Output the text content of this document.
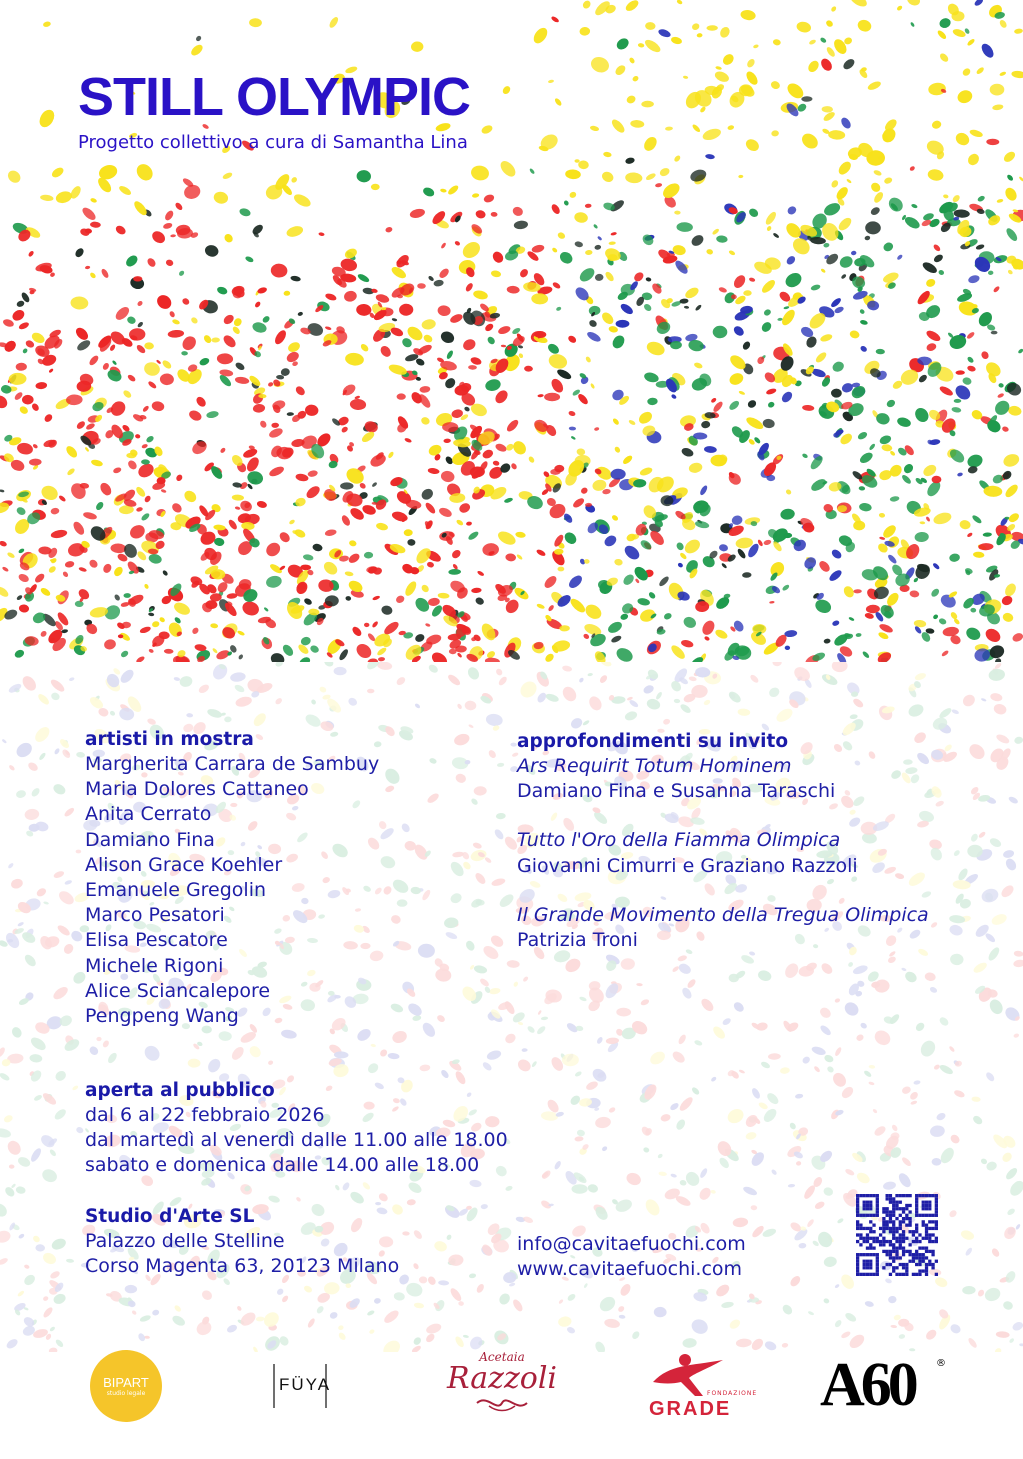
STILL OLYMPIC
Progetto collettivo a cura di Samantha Lina
artisti in mostra
Margherita Carrara de Sambuy
Maria Dolores Cattaneo
Anita Cerrato
Damiano Fina
Alison Grace Koehler
Emanuele Gregolin
Marco Pesatori
Elisa Pescatore
Michele Rigoni
Alice Sciancalepore
Pengpeng Wang
approfondimenti su invito
Ars Requirit Totum Hominem
Damiano Fina e Susanna Taraschi
Tutto l'Oro della Fiamma Olimpica
Giovanni Cimurri e Graziano Razzoli
Il Grande Movimento della Tregua Olimpica
Patrizia Troni
aperta al pubblico
dal 6 al 22 febbraio 2026
dal martedì al venerdì dalle 11.00 alle 18.00
sabato e domenica dalle 14.00 alle 18.00
Studio d'Arte SL
Palazzo delle Stelline
Corso Magenta 63, 20123 Milano
info@cavitaefuochi.com
www.cavitaefuochi.com
BIPART
studio legale	FÜYA
Acetaia
Razzoli	FONDAZIONE
GRADE A60 ®
